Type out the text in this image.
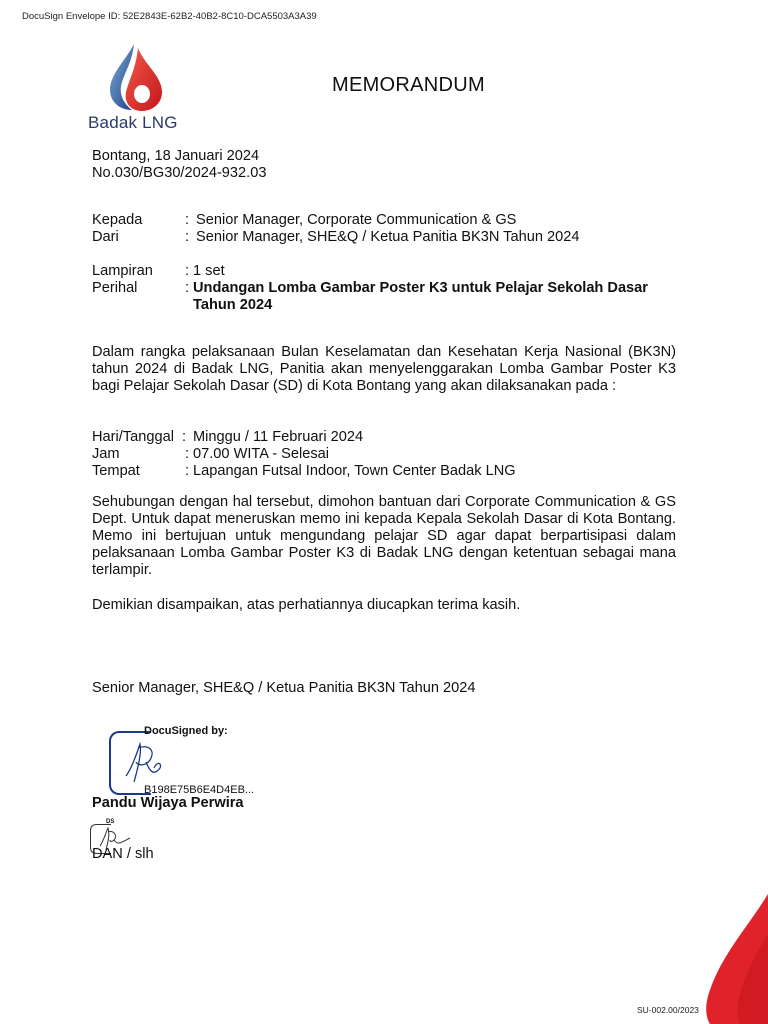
DocuSign Envelope ID: 52E2843E-62B2-40B2-8C10-DCA5503A3A39
Badak LNG
MEMORANDUM
Bontang, 18 Januari 2024
No.030/BG30/2024-932.03
Kepada	: Senior Manager, Corporate Communication & GS
Dari	: Senior Manager, SHE&Q / Ketua Panitia BK3N Tahun 2024
Lampiran : 1 set
Perihal	: Undangan Lomba Gambar Poster K3 untuk Pelajar Sekolah Dasar
Tahun 2024
Dalam rangka pelaksanaan Bulan Keselamatan dan Kesehatan Kerja Nasional (BK3N) tahun 2024 di Badak LNG, Panitia akan menyelenggarakan Lomba Gambar Poster K3 bagi Pelajar Sekolah Dasar (SD) di Kota Bontang yang akan dilaksanakan pada :
Hari/Tanggal : Minggu / 11 Februari 2024
Jam	: 07.00 WITA - Selesai
Tempat	: Lapangan Futsal Indoor, Town Center Badak LNG
Sehubungan dengan hal tersebut, dimohon bantuan dari Corporate Communication & GS Dept. Untuk dapat meneruskan memo ini kepada Kepala Sekolah Dasar di Kota Bontang. Memo ini bertujuan untuk mengundang pelajar SD agar dapat berpartisipasi dalam pelaksanaan Lomba Gambar Poster K3 di Badak LNG dengan ketentuan sebagai mana terlampir.
Demikian disampaikan, atas perhatiannya diucapkan terima kasih.
Senior Manager, SHE&Q / Ketua Panitia BK3N Tahun 2024
DocuSigned by:
B198E75B6E4D4EB...
Pandu Wijaya Perwira
DS
DAN / slh
SU-002.00/2023
